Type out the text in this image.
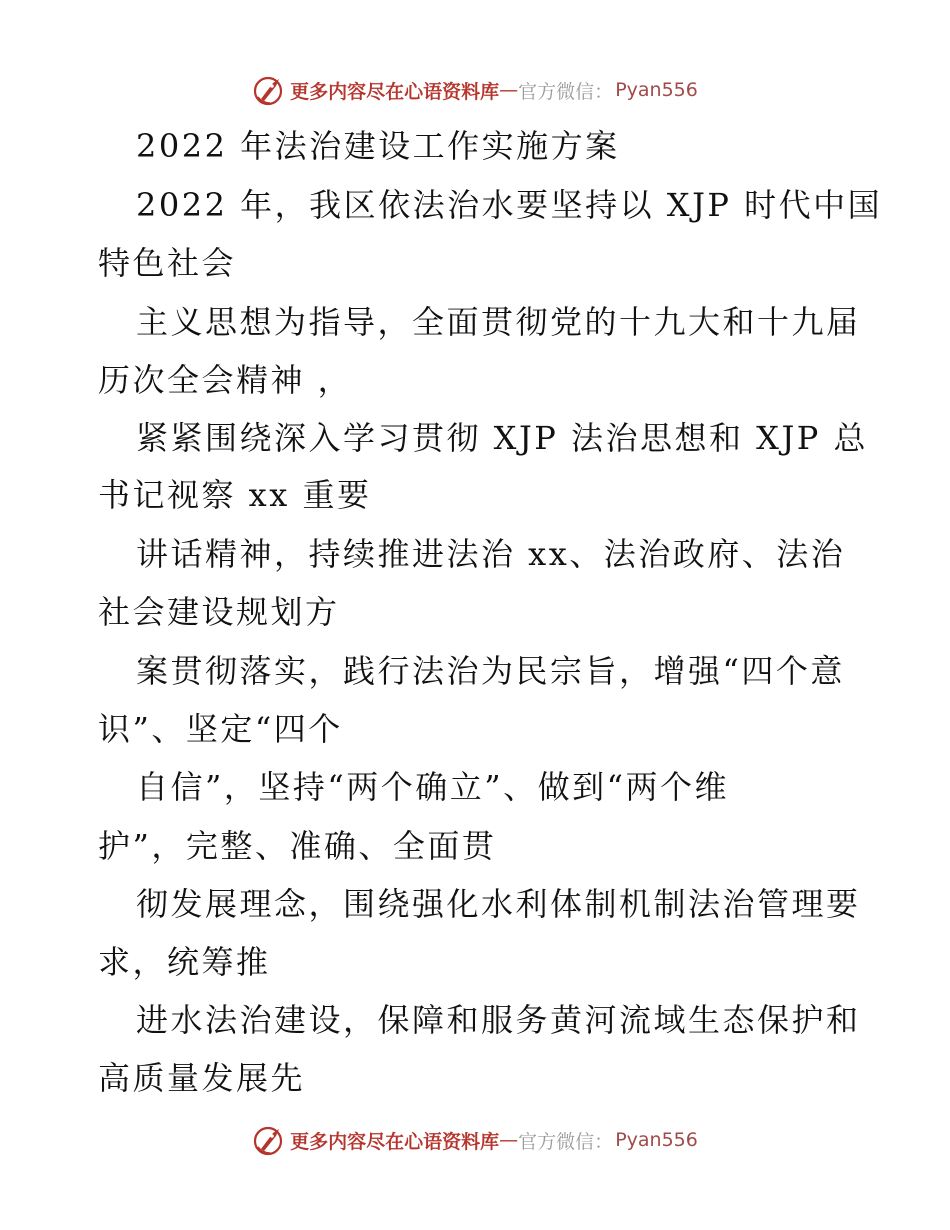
更多内容尽在心语资料库 — 官方微信： Pyan556
2022 年法治建设工作实施方案
2022 年，我区依法治水要坚持以 XJP 时代中国
特色社会
主义思想为指导，全面贯彻党的十九大和十九届
历次全会精神 ，
紧紧围绕深入学习贯彻 XJP 法治思想和 XJP 总
书记视察 xx 重要
讲话精神，持续推进法治 xx、法治政府、法治
社会建设规划方
案贯彻落实，践行法治为民宗旨，增强“四个意
识”、坚定“四个
自信”，坚持“两个确立”、做到“两个维
护”，完整、准确、全面贯
彻发展理念，围绕强化水利体制机制法治管理要
求，统筹推
进水法治建设，保障和服务黄河流域生态保护和
高质量发展先
更多内容尽在心语资料库 — 官方微信： Pyan556
